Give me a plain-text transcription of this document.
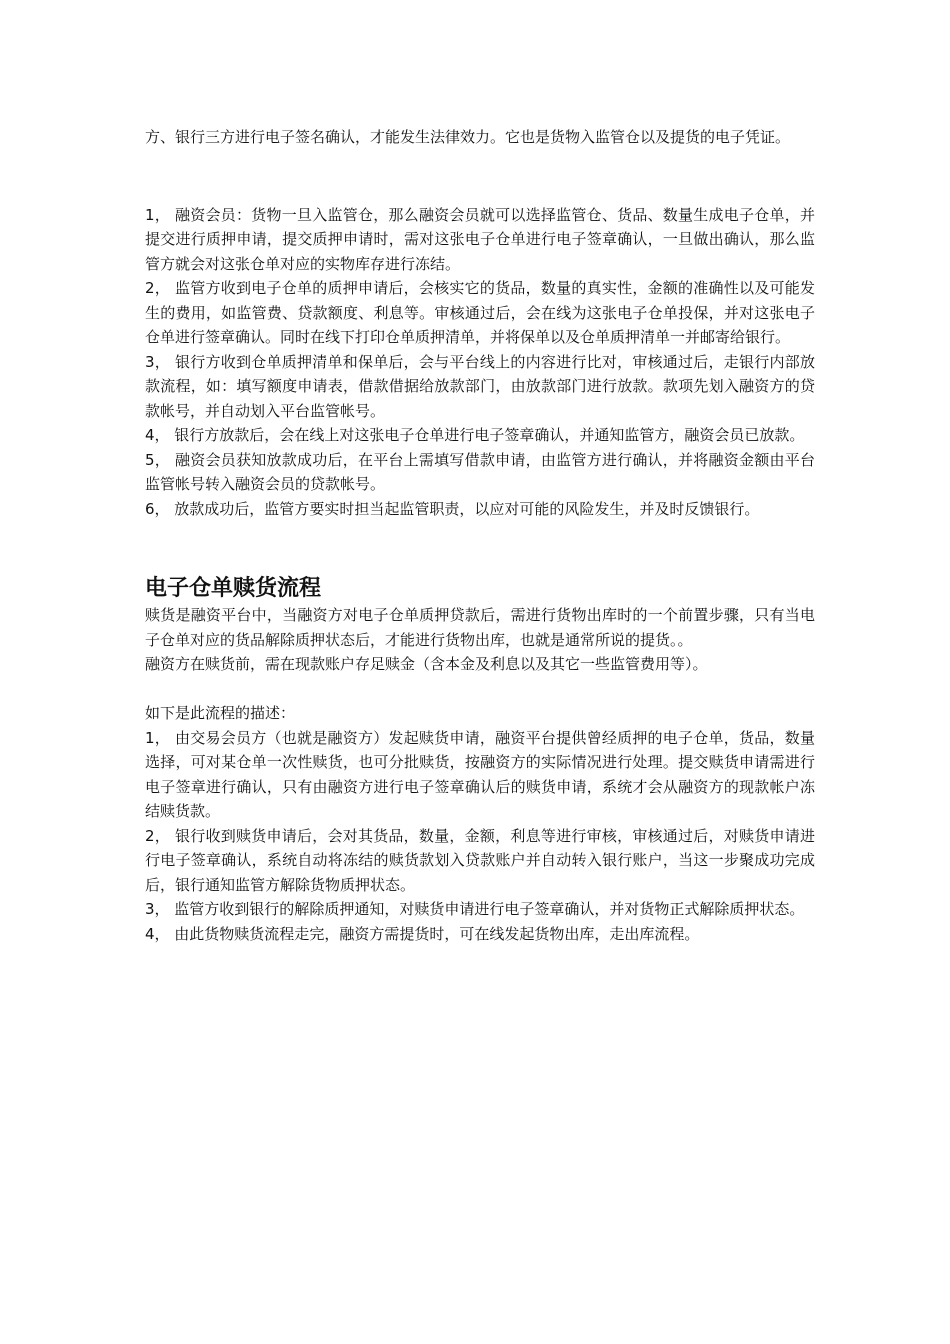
方、银行三方进行电子签名确认，才能发生法律效力。它也是货物入监管仓以及提货的电子凭证。

1， 融资会员：货物一旦入监管仓，那么融资会员就可以选择监管仓、货品、数量生成电子仓单，并提交进行质押申请，提交质押申请时，需对这张电子仓单进行电子签章确认，一旦做出确认，那么监管方就会对这张仓单对应的实物库存进行冻结。

2， 监管方收到电子仓单的质押申请后，会核实它的货品，数量的真实性，金额的准确性以及可能发生的费用，如监管费、贷款额度、利息等。审核通过后，会在线为这张电子仓单投保，并对这张电子仓单进行签章确认。同时在线下打印仓单质押清单，并将保单以及仓单质押清单一并邮寄给银行。

3， 银行方收到仓单质押清单和保单后，会与平台线上的内容进行比对，审核通过后，走银行内部放款流程，如：填写额度申请表，借款借据给放款部门，由放款部门进行放款。款项先划入融资方的贷款帐号，并自动划入平台监管帐号。

4， 银行方放款后，会在线上对这张电子仓单进行电子签章确认，并通知监管方，融资会员已放款。

5， 融资会员获知放款成功后，在平台上需填写借款申请，由监管方进行确认，并将融资金额由平台监管帐号转入融资会员的贷款帐号。

6， 放款成功后，监管方要实时担当起监管职责，以应对可能的风险发生，并及时反馈银行。

电子仓单赎货流程

赎货是融资平台中，当融资方对电子仓单质押贷款后，需进行货物出库时的一个前置步骤，只有当电子仓单对应的货品解除质押状态后，才能进行货物出库，也就是通常所说的提货。。

融资方在赎货前，需在现款账户存足赎金（含本金及利息以及其它一些监管费用等）。

如下是此流程的描述：

1， 由交易会员方（也就是融资方）发起赎货申请，融资平台提供曾经质押的电子仓单，货品，数量选择，可对某仓单一次性赎货，也可分批赎货，按融资方的实际情况进行处理。提交赎货申请需进行电子签章进行确认，只有由融资方进行电子签章确认后的赎货申请，系统才会从融资方的现款帐户冻结赎货款。

2， 银行收到赎货申请后，会对其货品，数量，金额，利息等进行审核，审核通过后，对赎货申请进行电子签章确认，系统自动将冻结的赎货款划入贷款账户并自动转入银行账户，当这一步聚成功完成后，银行通知监管方解除货物质押状态。

3， 监管方收到银行的解除质押通知，对赎货申请进行电子签章确认，并对货物正式解除质押状态。

4， 由此货物赎货流程走完，融资方需提货时，可在线发起货物出库，走出库流程。
